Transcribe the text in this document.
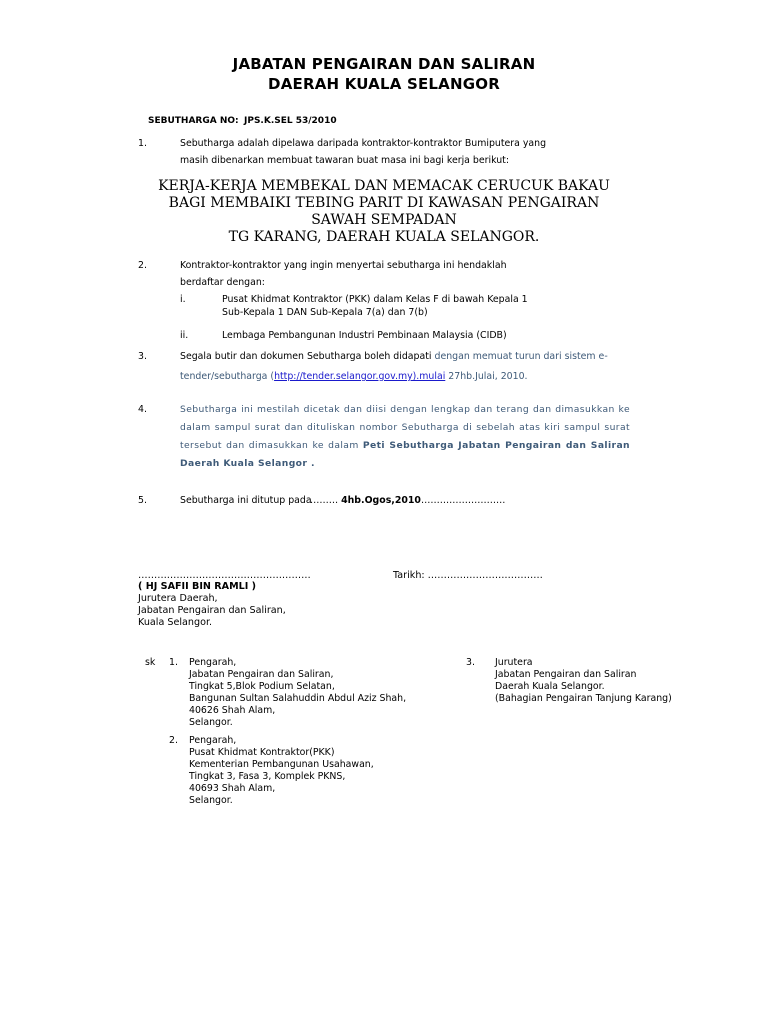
JABATAN PENGAIRAN DAN SALIRAN
DAERAH KUALA SELANGOR
SEBUTHARGA NO: JPS.K.SEL 53/2010
1.	Sebutharga adalah dipelawa daripada kontraktor-kontraktor Bumiputera yang
masih dibenarkan membuat tawaran buat masa ini bagi kerja berikut:
KERJA-KERJA MEMBEKAL DAN MEMACAK CERUCUK BAKAU
BAGI MEMBAIKI TEBING PARIT DI KAWASAN PENGAIRAN
SAWAH SEMPADAN
TG KARANG, DAERAH KUALA SELANGOR.
2.	Kontraktor-kontraktor yang ingin menyertai sebutharga ini hendaklah
berdaftar dengan:
i.	Pusat Khidmat Kontraktor (PKK) dalam Kelas F di bawah Kepala 1
Sub-Kepala 1 DAN Sub-Kepala 7(a) dan 7(b)
ii.	Lembaga Pembangunan Industri Pembinaan Malaysia (CIDB)
3.	Segala butir dan dokumen Sebutharga boleh didapati dengan memuat turun dari sistem e-
tender/sebutharga (http://tender.selangor.gov.my).mulai 27hb.Julai, 2010.
4.	Sebutharga ini mestilah dicetak dan diisi dengan lengkap dan terang dan dimasukkan ke dalam sampul surat dan dituliskan nombor Sebutharga di sebelah atas kiri sampul surat tersebut dan dimasukkan ke dalam Peti Sebutharga Jabatan Pengairan dan Saliran Daerah Kuala Selangor .
5.	Sebutharga ini ditutup pada
……… 4hb.Ogos,2010………………………
………………………………………………
( HJ SAFII BIN RAMLI )
Jurutera Daerah,
Jabatan Pengairan dan Saliran,
Kuala Selangor.
Tarikh: ………………………………
sk 1. Pengarah,
Jabatan Pengairan dan Saliran,
Tingkat 5,Blok Podium Selatan,
Bangunan Sultan Salahuddin Abdul Aziz Shah,
40626 Shah Alam,
Selangor.
2. Pengarah,
Pusat Khidmat Kontraktor(PKK)
Kementerian Pembangunan Usahawan,
Tingkat 3, Fasa 3, Komplek PKNS,
40693 Shah Alam,
Selangor.
3. Jurutera
Jabatan Pengairan dan Saliran
Daerah Kuala Selangor.
(Bahagian Pengairan Tanjung Karang)
